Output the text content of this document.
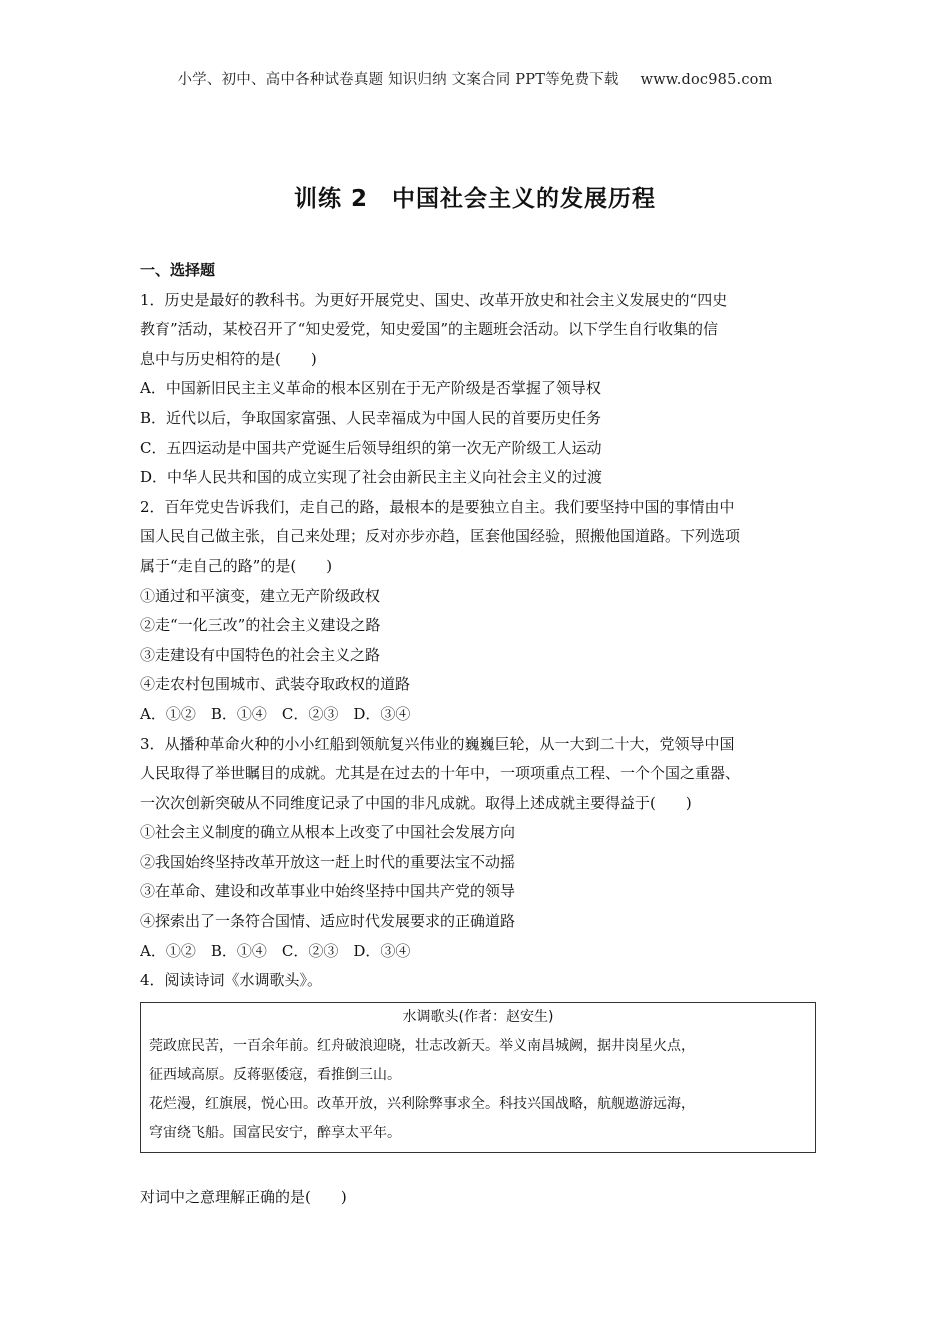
小学、初中、高中各种试卷真题 知识归纳 文案合同 PPT等免费下载 www.doc985.com
训练 2　中国社会主义的发展历程
一、选择题
1．历史是最好的教科书。为更好开展党史、国史、改革开放史和社会主义发展史的“四史
教育”活动，某校召开了“知史爱党，知史爱国”的主题班会活动。以下学生自行收集的信
息中与历史相符的是(　　)
A．中国新旧民主主义革命的根本区别在于无产阶级是否掌握了领导权
B．近代以后，争取国家富强、人民幸福成为中国人民的首要历史任务
C．五四运动是中国共产党诞生后领导组织的第一次无产阶级工人运动
D．中华人民共和国的成立实现了社会由新民主主义向社会主义的过渡
2．百年党史告诉我们，走自己的路，最根本的是要独立自主。我们要坚持中国的事情由中
国人民自己做主张，自己来处理；反对亦步亦趋，匡套他国经验，照搬他国道路。下列选项
属于“走自己的路”的是(　　)
①通过和平演变，建立无产阶级政权
②走“一化三改”的社会主义建设之路
③走建设有中国特色的社会主义之路
④走农村包围城市、武装夺取政权的道路
A．①②　B．①④　C．②③　D．③④
3．从播种革命火种的小小红船到领航复兴伟业的巍巍巨轮，从一大到二十大，党领导中国
人民取得了举世瞩目的成就。尤其是在过去的十年中，一项项重点工程、一个个国之重器、
一次次创新突破从不同维度记录了中国的非凡成就。取得上述成就主要得益于(　　)
①社会主义制度的确立从根本上改变了中国社会发展方向
②我国始终坚持改革开放这一赶上时代的重要法宝不动摇
③在革命、建设和改革事业中始终坚持中国共产党的领导
④探索出了一条符合国情、适应时代发展要求的正确道路
A．①②　B．①④　C．②③　D．③④
4．阅读诗词《水调歌头》。
水调歌头(作者：赵安生)
莞政庶民苦，一百余年前。红舟破浪迎晓，壮志改新天。举义南昌城阙，据井岗星火点，
征西域高原。反蒋驱倭寇，看推倒三山。
花烂漫，红旗展，悦心田。改革开放，兴利除弊事求全。科技兴国战略，航舰遨游远海，
穹宙绕飞船。国富民安宁，醉享太平年。
对词中之意理解正确的是(　　)
